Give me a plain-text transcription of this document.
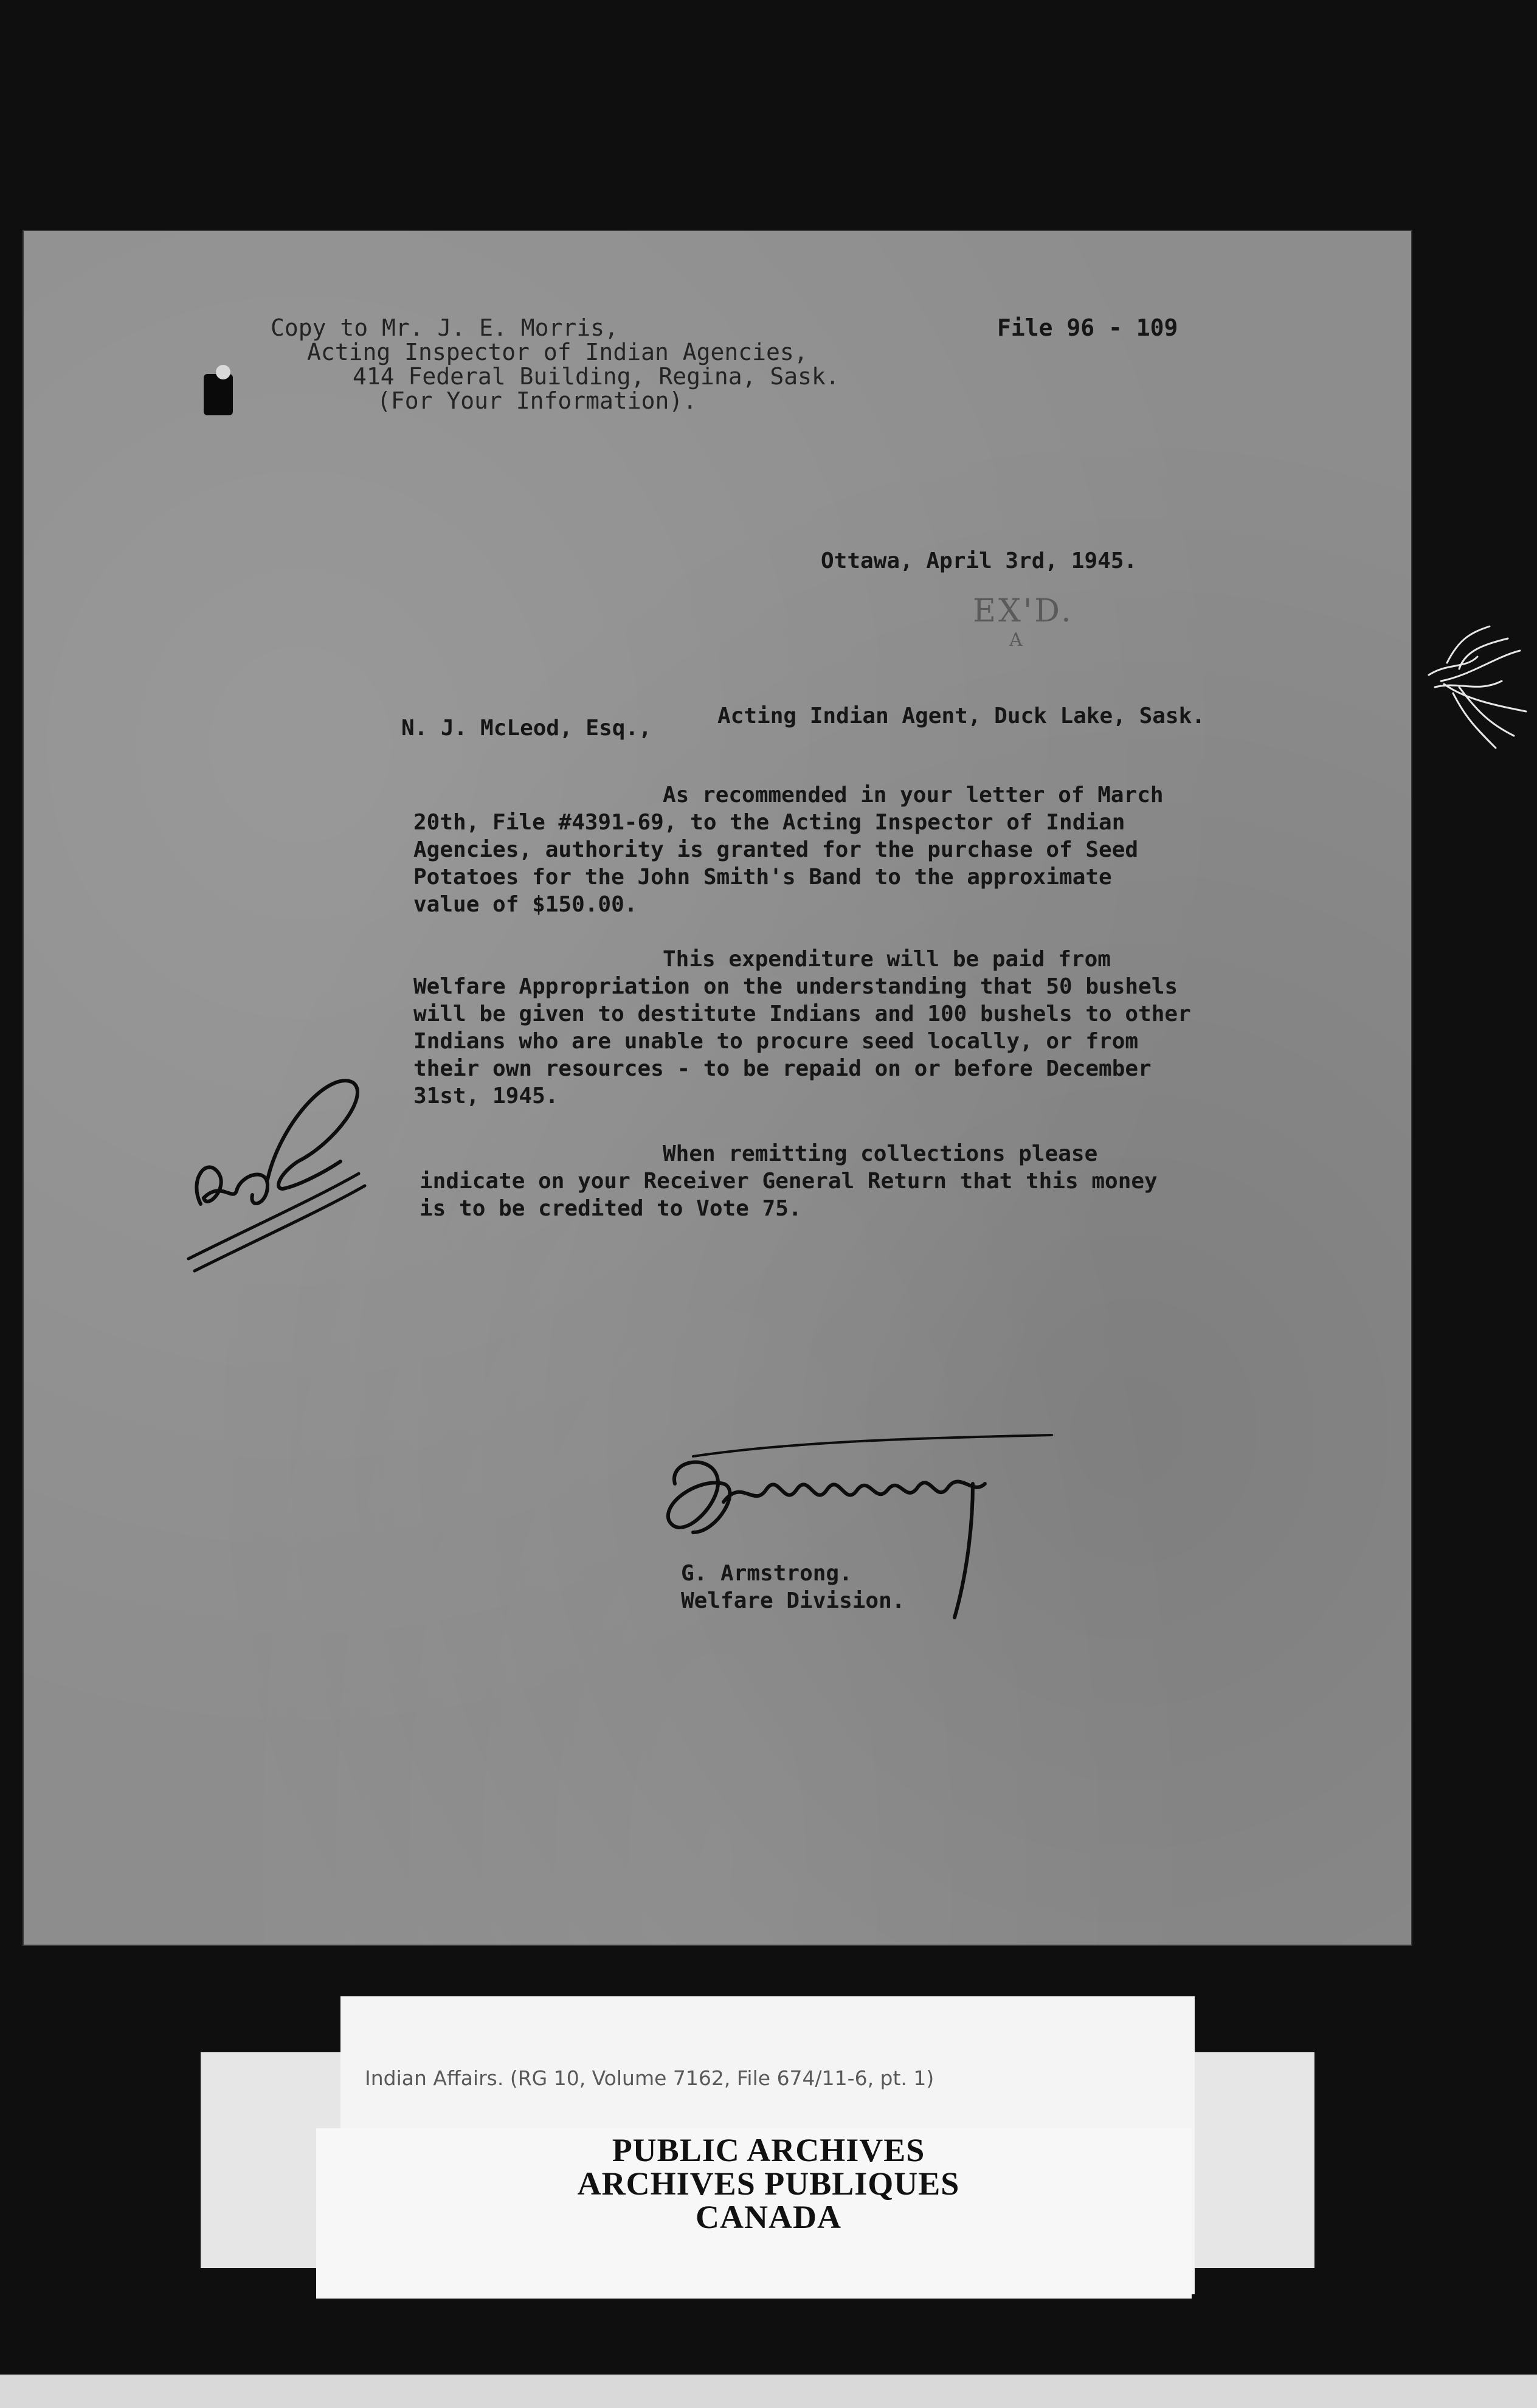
Copy to Mr. J. E. Morris,
Acting Inspector of Indian Agencies,
414 Federal Building, Regina, Sask.
(For Your Information).
File 96 - 109
Ottawa, April 3rd, 1945.
EX'D.
A
N. J. McLeod, Esq.,	Acting Indian Agent, Duck Lake, Sask.
As recommended in your letter of March
20th, File #4391-69, to the Acting Inspector of Indian
Agencies, authority is granted for the purchase of Seed
Potatoes for the John Smith's Band to the approximate
value of $150.00.
This expenditure will be paid from
Welfare Appropriation on the understanding that 50 bushels
will be given to destitute Indians and 100 bushels to other
Indians who are unable to procure seed locally, or from
their own resources - to be repaid on or before December
31st, 1945.
When remitting collections please
indicate on your Receiver General Return that this money
is to be credited to Vote 75.
G. Armstrong.
Welfare Division.
Indian Affairs. (RG 10, Volume 7162, File 674/11-6, pt. 1)
PUBLIC ARCHIVES
ARCHIVES PUBLIQUES
CANADA
